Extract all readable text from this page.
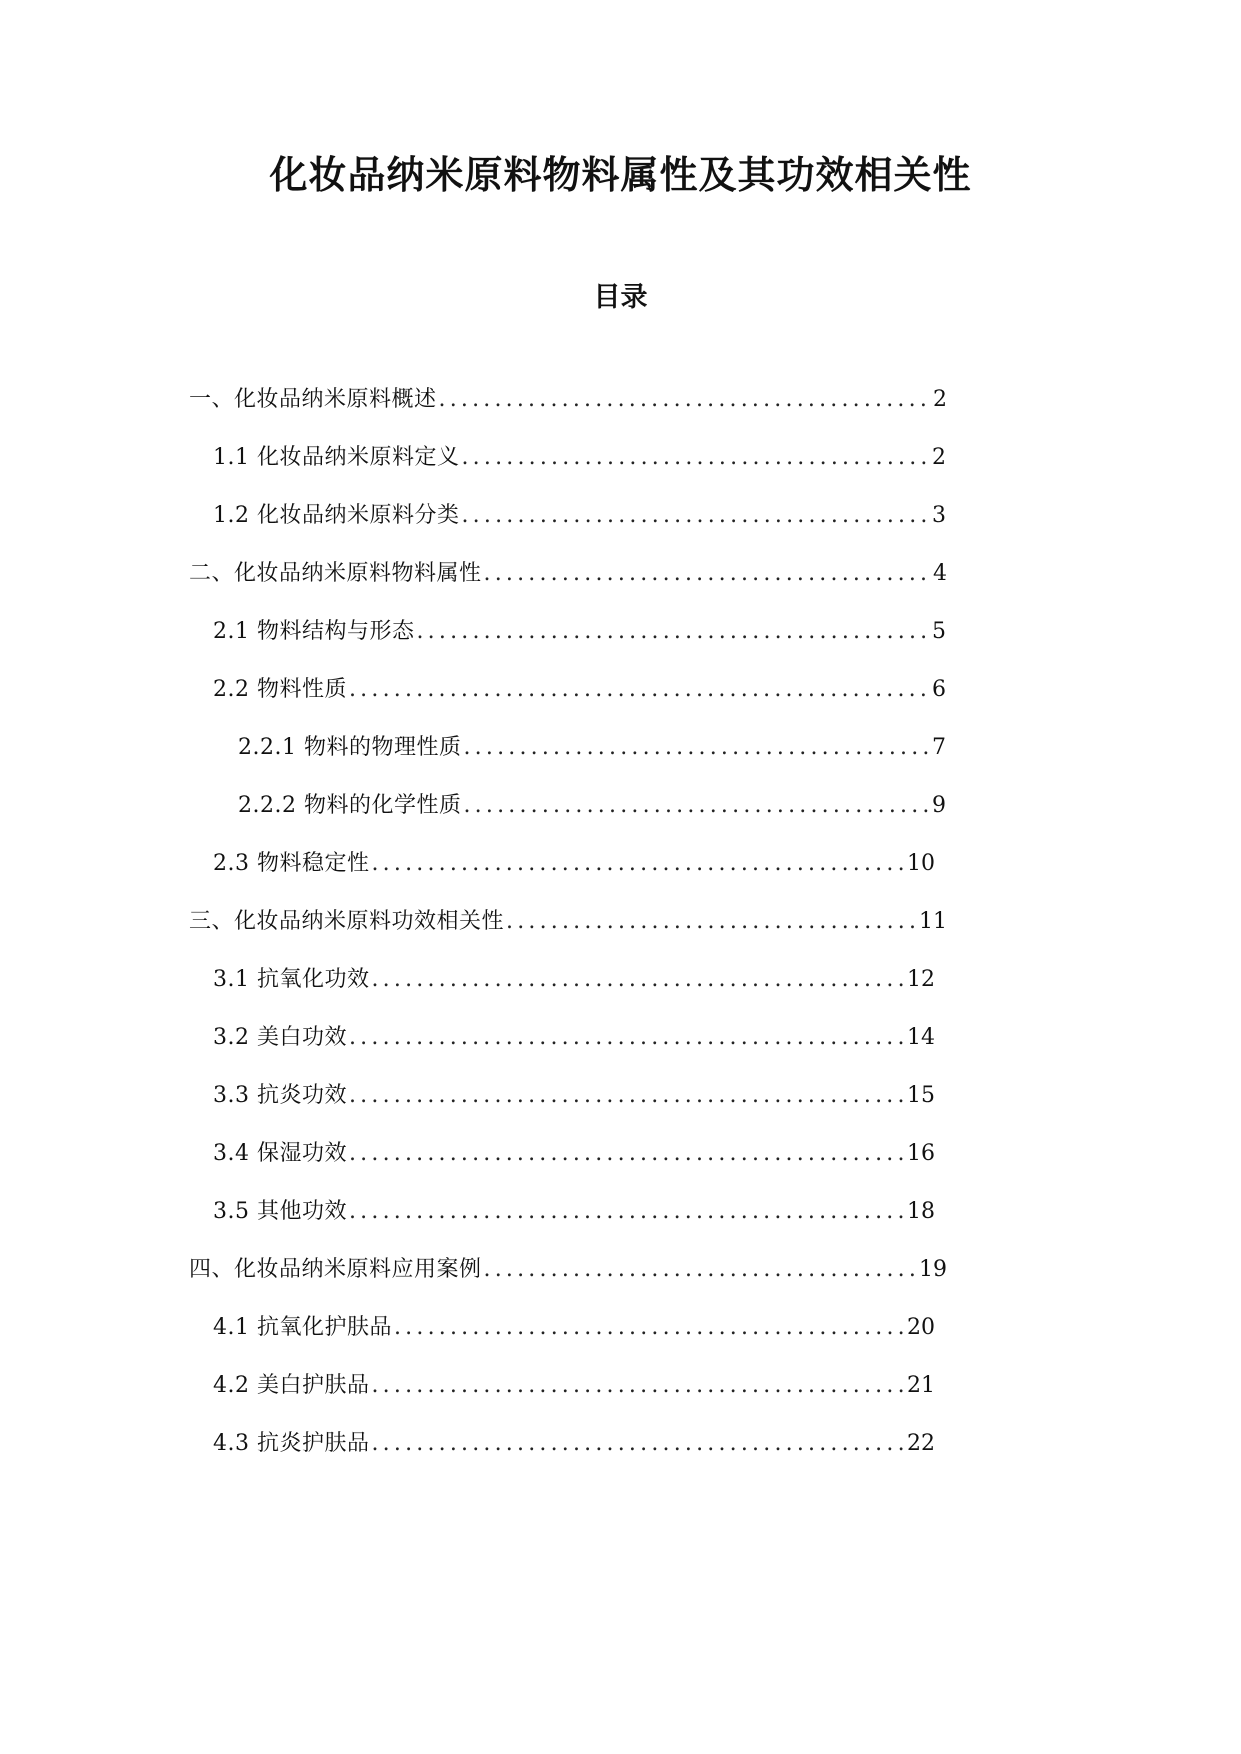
化妆品纳米原料物料属性及其功效相关性
目录
一、化妆品纳米原料概述 .....	2
1.1 化妆品纳米原料定义 .....	2
1.2 化妆品纳米原料分类 .....	3
二、化妆品纳米原料物料属性 .....	4
2.1 物料结构与形态 .....	5
2.2 物料性质 .....	6
2.2.1 物料的物理性质 .....	7
2.2.2 物料的化学性质 .....	9
2.3 物料稳定性 .....	10
三、化妆品纳米原料功效相关性 .....	11
3.1 抗氧化功效 .....	12
3.2 美白功效 .....	14
3.3 抗炎功效 .....	15
3.4 保湿功效 .....	16
3.5 其他功效 .....	18
四、化妆品纳米原料应用案例 .....	19
4.1 抗氧化护肤品 .....	20
4.2 美白护肤品 .....	21
4.3 抗炎护肤品 .....	22
